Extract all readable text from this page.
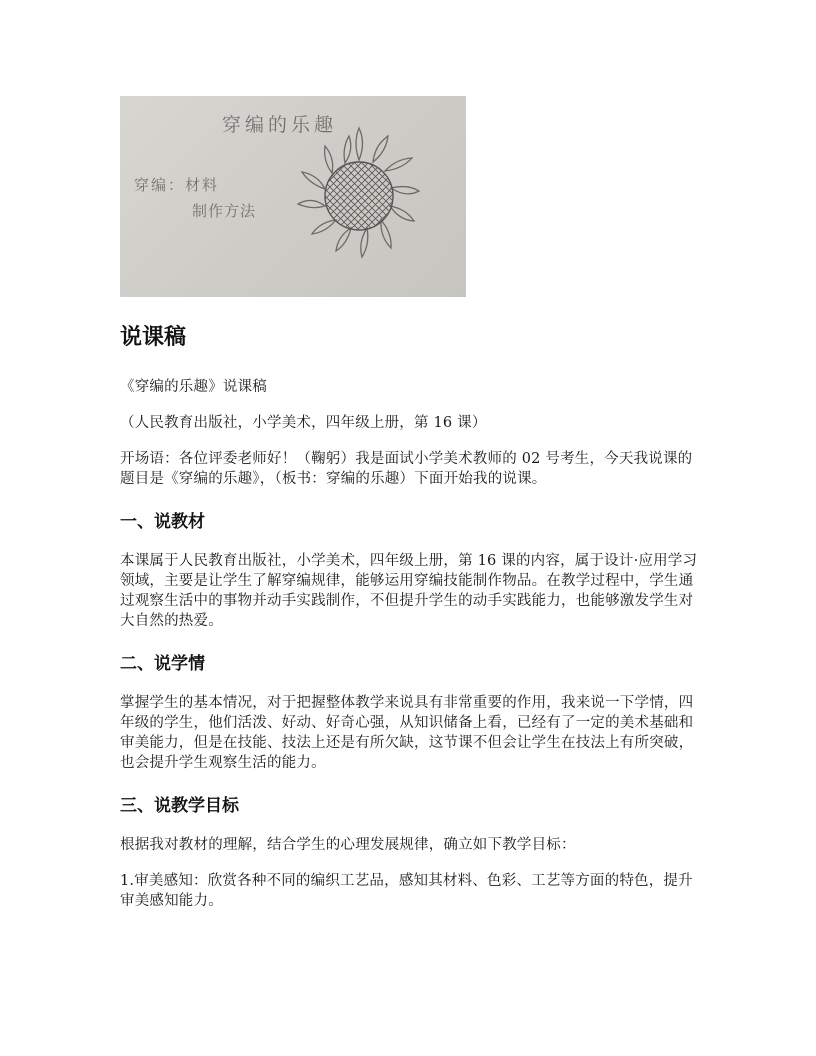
穿编的乐趣
穿编：材料
制作方法
说课稿

《穿编的乐趣》说课稿

（人民教育出版社，小学美术，四年级上册，第 16 课）

开场语：各位评委老师好！（鞠躬）我是面试小学美术教师的 02 号考生，今天我说课的题目是《穿编的乐趣》，（板书：穿编的乐趣）下面开始我的说课。

一、说教材

本课属于人民教育出版社，小学美术，四年级上册，第 16 课的内容，属于设计·应用学习领域，主要是让学生了解穿编规律，能够运用穿编技能制作物品。在教学过程中，学生通过观察生活中的事物并动手实践制作，不但提升学生的动手实践能力，也能够激发学生对大自然的热爱。

二、说学情

掌握学生的基本情况，对于把握整体教学来说具有非常重要的作用，我来说一下学情，四年级的学生，他们活泼、好动、好奇心强，从知识储备上看，已经有了一定的美术基础和审美能力，但是在技能、技法上还是有所欠缺，这节课不但会让学生在技法上有所突破，也会提升学生观察生活的能力。

三、说教学目标

根据我对教材的理解，结合学生的心理发展规律，确立如下教学目标：

1.审美感知：欣赏各种不同的编织工艺品，感知其材料、色彩、工艺等方面的特色，提升审美感知能力。
